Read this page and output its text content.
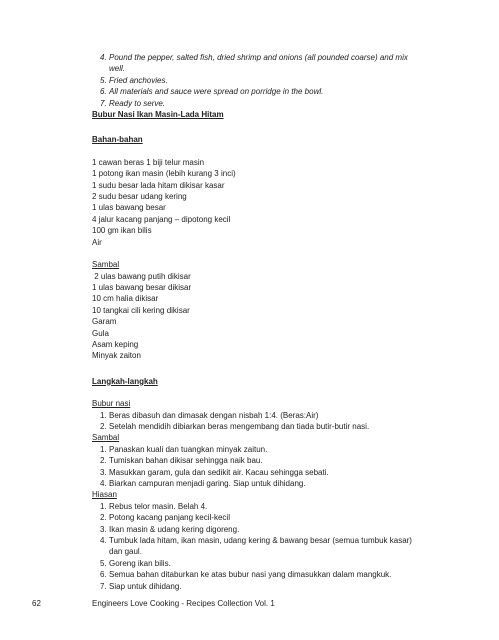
4. Pound the pepper, salted fish, dried shrimp and onions (all pounded coarse) and mix well.
5. Fried anchovies.
6. All materials and sauce were spread on porridge in the bowl.
7. Ready to serve.
Bubur Nasi Ikan Masin-Lada Hitam
Bahan-bahan
1 cawan beras 1 biji telur masin
1 potong ikan masin (lebih kurang 3 inci)
1 sudu besar lada hitam dikisar kasar
2 sudu besar udang kering
1 ulas bawang besar
4 jalur kacang panjang – dipotong kecil
100 gm ikan bilis
Air
Sambal
2 ulas bawang putih dikisar
1 ulas bawang besar dikisar
10 cm halia dikisar
10 tangkai cili kering dikisar
Garam
Gula
Asam keping
Minyak zaiton
Langkah-langkah
Bubur nasi
1. Beras dibasuh dan dimasak dengan nisbah 1:4. (Beras:Air)
2. Setelah mendidih dibiarkan beras mengembang dan tiada butir-butir nasi.
Sambal
1. Panaskan kuali dan tuangkan minyak zaitun.
2. Tumiskan bahan dikisar sehingga naik bau.
3. Masukkan garam, gula dan sedikit air. Kacau sehingga sebati.
4. Biarkan campuran menjadi garing. Siap untuk dihidang.
Hiasan
1. Rebus telor masin. Belah 4.
2. Potong kacang panjang kecil-kecil
3. Ikan masin & udang kering digoreng.
4. Tumbuk lada hitam, ikan masin, udang kering & bawang besar (semua tumbuk kasar) dan gaul.
5. Goreng ikan bilis.
6. Semua bahan ditaburkan ke atas bubur nasi yang dimasukkan dalam mangkuk.
7. Siap untuk dihidang.
62	Engineers Love Cooking - Recipes Collection Vol. 1
